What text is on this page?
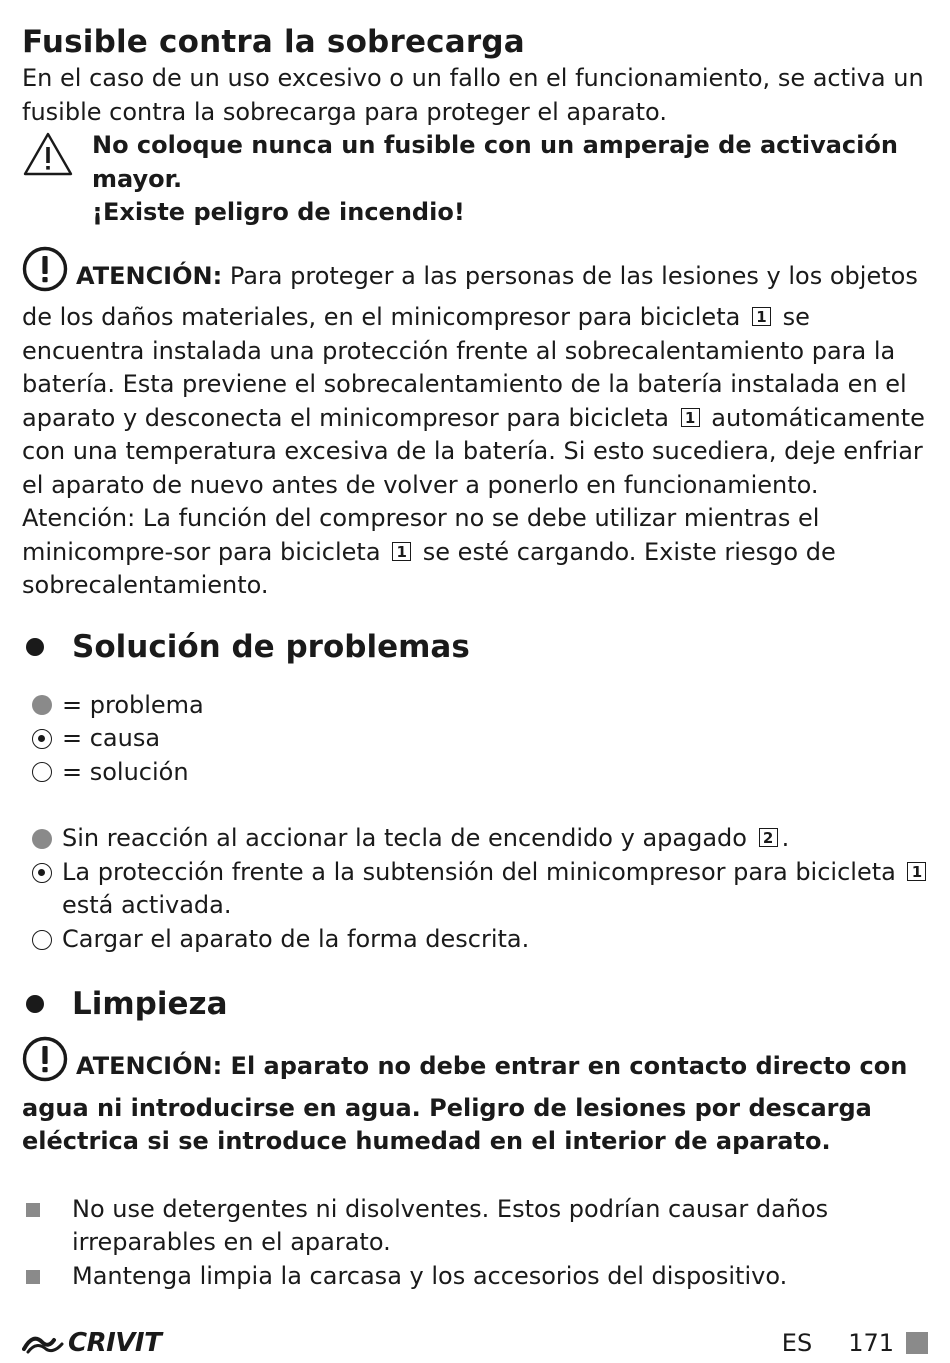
Fusible contra la sobrecarga

En el caso de un uso excesivo o un fallo en el funcionamiento, se activa un fusible contra la sobrecarga para proteger el aparato.

No coloque nunca un fusible con un amperaje de activación mayor.
¡Existe peligro de incendio!

ATENCIÓN: Para proteger a las personas de las lesiones y los objetos de los daños materiales, en el minicompresor para bicicleta 1 se encuentra instalada una protección frente al sobrecalentamiento para la batería. Esta previene el sobrecalentamiento de la batería instalada en el aparato y desconecta el minicompresor para bicicleta 1 automáticamente con una temperatura excesiva de la batería. Si esto sucediera, deje enfriar el aparato de nuevo antes de volver a ponerlo en funcionamiento.

Atención: La función del compresor no se debe utilizar mientras el minicompre-sor para bicicleta 1 se esté cargando. Existe riesgo de sobrecalentamiento.

Solución de problemas
= problema
= causa
= solución
Sin reacción al accionar la tecla de encendido y apagado 2 .
La protección frente a la subtensión del minicompresor para bicicleta 1 está activada.
Cargar el aparato de la forma descrita.
Limpieza

ATENCIÓN: El aparato no debe entrar en contacto directo con agua ni introducirse en agua. Peligro de lesiones por descarga eléctrica si se introduce humedad en el interior de aparato.

No use detergentes ni disolventes. Estos podrían causar daños irreparables en el aparato.
Mantenga limpia la carcasa y los accesorios del dispositivo.
CRIVIT	ES 171
